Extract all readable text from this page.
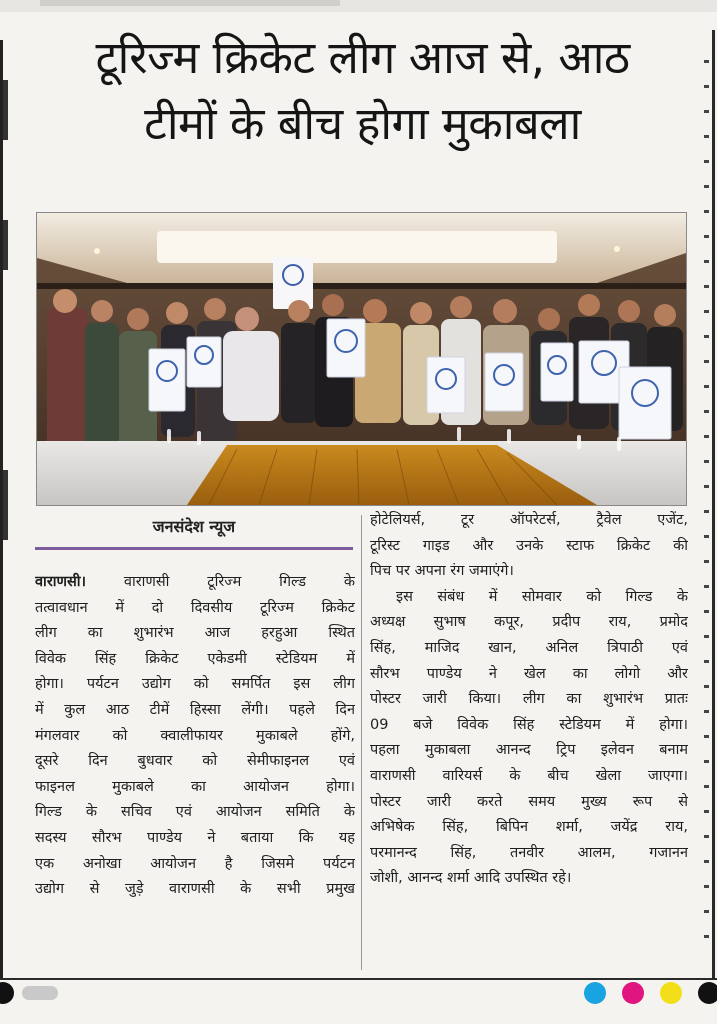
टूरिज्म क्रिकेट लीग आज से, आठ
टीमों के बीच होगा मुकाबला
जनसंदेश न्यूज
वाराणसी। वाराणसी टूरिज्म गिल्ड के
तत्वावधान में दो दिवसीय टूरिज्म क्रिकेट
लीग का शुभारंभ आज हरहुआ स्थित
विवेक सिंह क्रिकेट एकेडमी स्टेडियम में
होगा। पर्यटन उद्योग को समर्पित इस लीग
में कुल आठ टीमें हिस्सा लेंगी। पहले दिन
मंगलवार को क्वालीफायर मुकाबले होंगे,
दूसरे दिन बुधवार को सेमीफाइनल एवं
फाइनल मुकाबले का आयोजन होगा।
गिल्ड के सचिव एवं आयोजन समिति के
सदस्य सौरभ पाण्डेय ने बताया कि यह
एक अनोखा आयोजन है जिसमे पर्यटन
उद्योग से जुड़े वाराणसी के सभी प्रमुख
होटेलियर्स, टूर ऑपरेटर्स, ट्रैवेल एजेंट,
टूरिस्ट गाइड और उनके स्टाफ क्रिकेट की
पिच पर अपना रंग जमाएंगे।
इस संबंध में सोमवार को गिल्ड के
अध्यक्ष सुभाष कपूर, प्रदीप राय, प्रमोद
सिंह, माजिद खान, अनिल त्रिपाठी एवं
सौरभ पाण्डेय ने खेल का लोगो और
पोस्टर जारी किया। लीग का शुभारंभ प्रातः
09 बजे विवेक सिंह स्टेडियम में होगा।
पहला मुकाबला आनन्द ट्रिप इलेवन बनाम
वाराणसी वारियर्स के बीच खेला जाएगा।
पोस्टर जारी करते समय मुख्य रूप से
अभिषेक सिंह, बिपिन शर्मा, जयेंद्र राय,
परमानन्द सिंह, तनवीर आलम, गजानन
जोशी, आनन्द शर्मा आदि उपस्थित रहे।
